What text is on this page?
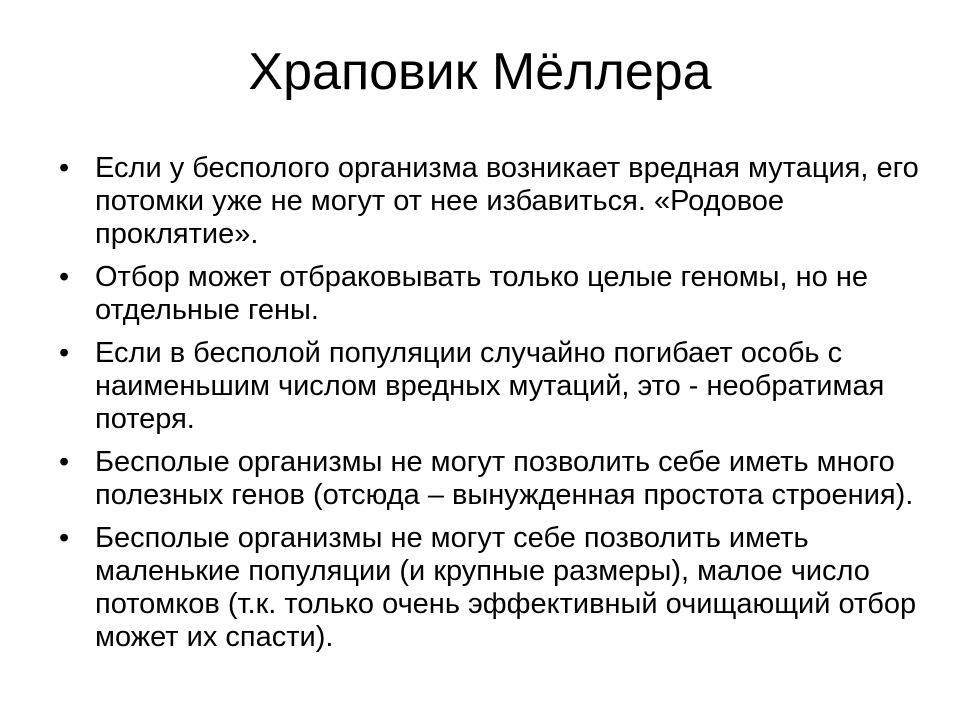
Храповик Мёллера
• Если у бесполого организма возникает вредная мутация, его потомки уже не могут от нее избавиться. «Родовое проклятие».
• Отбор может отбраковывать только целые геномы, но не отдельные гены.
• Если в бесполой популяции случайно погибает особь с наименьшим числом вредных мутаций, это - необратимая потеря.
• Бесполые организмы не могут позволить себе иметь много полезных генов (отсюда – вынужденная простота строения).
• Бесполые организмы не могут себе позволить иметь маленькие популяции (и крупные размеры), малое число потомков (т.к. только очень эффективный очищающий отбор может их спасти).
